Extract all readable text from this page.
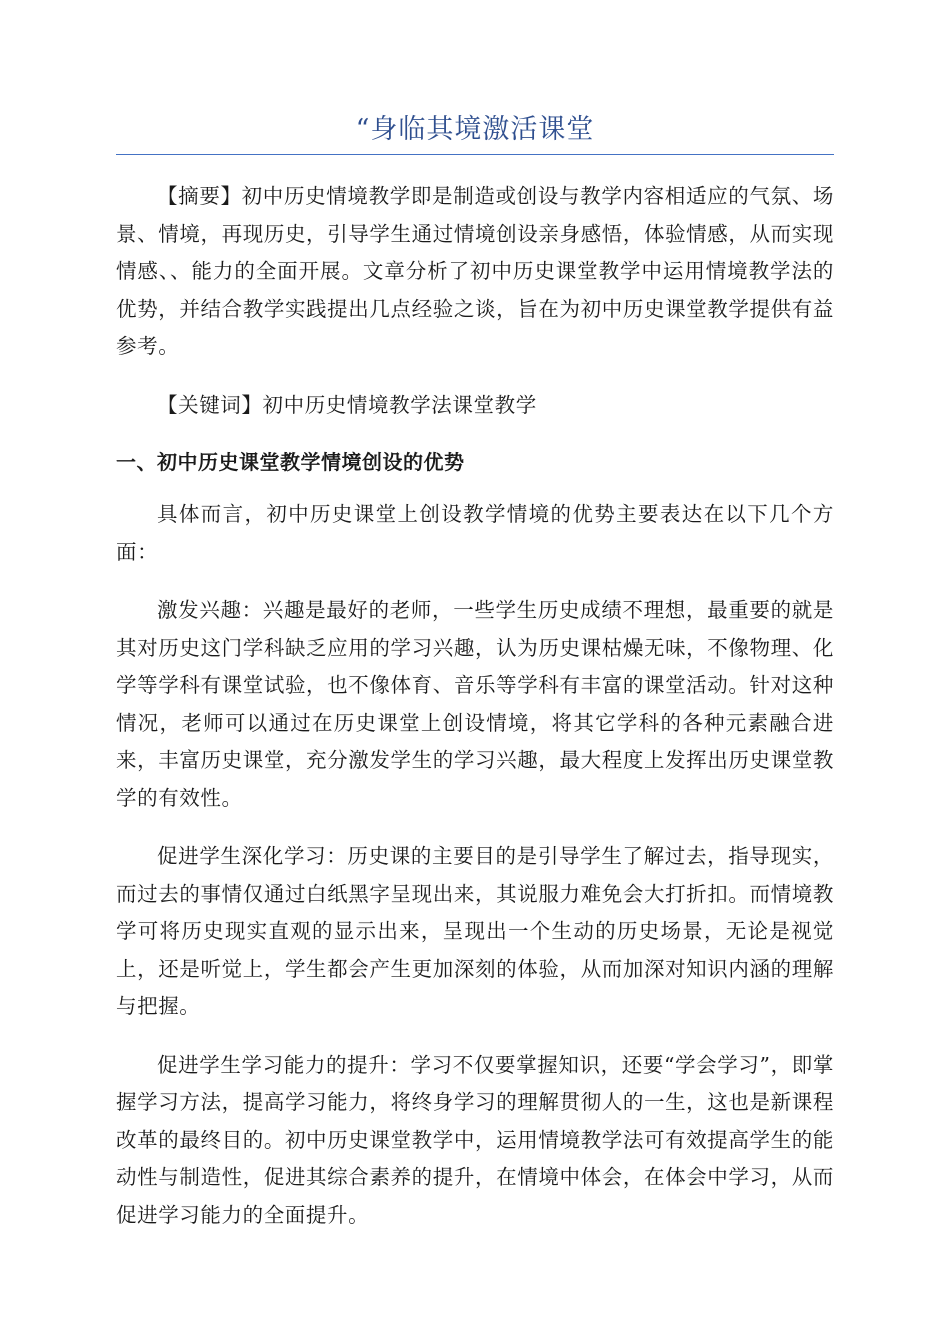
“身临其境激活课堂

【摘要】初中历史情境教学即是制造或创设与教学内容相适应的气氛、场景、情境，再现历史，引导学生通过情境创设亲身感悟，体验情感，从而实现情感、、能力的全面开展。文章分析了初中历史课堂教学中运用情境教学法的优势，并结合教学实践提出几点经验之谈，旨在为初中历史课堂教学提供有益参考。

【关键词】初中历史情境教学法课堂教学

一、初中历史课堂教学情境创设的优势

具体而言，初中历史课堂上创设教学情境的优势主要表达在以下几个方面：

激发兴趣：兴趣是最好的老师，一些学生历史成绩不理想，最重要的就是其对历史这门学科缺乏应用的学习兴趣，认为历史课枯燥无味，不像物理、化学等学科有课堂试验，也不像体育、音乐等学科有丰富的课堂活动。针对这种情况，老师可以通过在历史课堂上创设情境，将其它学科的各种元素融合进来，丰富历史课堂，充分激发学生的学习兴趣，最大程度上发挥出历史课堂教学的有效性。

促进学生深化学习：历史课的主要目的是引导学生了解过去，指导现实，而过去的事情仅通过白纸黑字呈现出来，其说服力难免会大打折扣。而情境教学可将历史现实直观的显示出来，呈现出一个生动的历史场景，无论是视觉上，还是听觉上，学生都会产生更加深刻的体验，从而加深对知识内涵的理解与把握。

促进学生学习能力的提升：学习不仅要掌握知识，还要“学会学习”，即掌握学习方法，提高学习能力，将终身学习的理解贯彻人的一生，这也是新课程改革的最终目的。初中历史课堂教学中，运用情境教学法可有效提高学生的能动性与制造性，促进其综合素养的提升，在情境中体会，在体会中学习，从而促进学习能力的全面提升。
